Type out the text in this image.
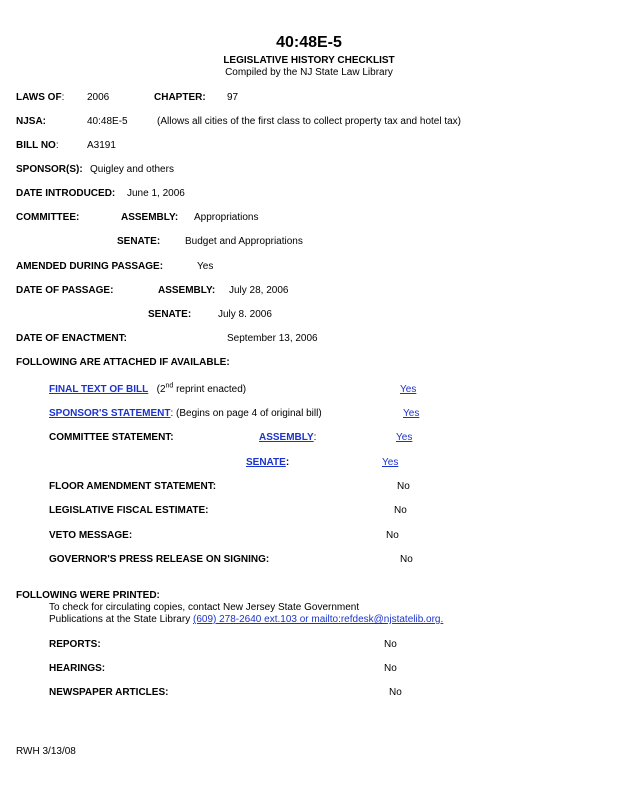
40:48E-5
LEGISLATIVE HISTORY CHECKLIST
Compiled by the NJ State Law Library
LAWS OF: 2006	CHAPTER: 97
NJSA:	40:48E-5	(Allows all cities of the first class to collect property tax and hotel tax)
BILL NO:	A3191
SPONSOR(S): Quigley and others
DATE INTRODUCED: June 1, 2006
COMMITTEE:	ASSEMBLY: Appropriations
SENATE: Budget and Appropriations
AMENDED DURING PASSAGE:	Yes
DATE OF PASSAGE:	ASSEMBLY: July 28, 2006
SENATE:	July 8. 2006
DATE OF ENACTMENT:	September 13, 2006
FOLLOWING ARE ATTACHED IF AVAILABLE:
FINAL TEXT OF BILL (2nd reprint enacted)	Yes
SPONSOR'S STATEMENT: (Begins on page 4 of original bill)	Yes
COMMITTEE STATEMENT:	ASSEMBLY:	Yes
SENATE:	Yes
FLOOR AMENDMENT STATEMENT:	No
LEGISLATIVE FISCAL ESTIMATE:	No
VETO MESSAGE:	No
GOVERNOR'S PRESS RELEASE ON SIGNING:	No
FOLLOWING WERE PRINTED:
To check for circulating copies, contact New Jersey State Government
Publications at the State Library (609) 278-2640 ext.103 or mailto:refdesk@njstatelib.org.
REPORTS:	No
HEARINGS:	No
NEWSPAPER ARTICLES:	No
RWH 3/13/08
